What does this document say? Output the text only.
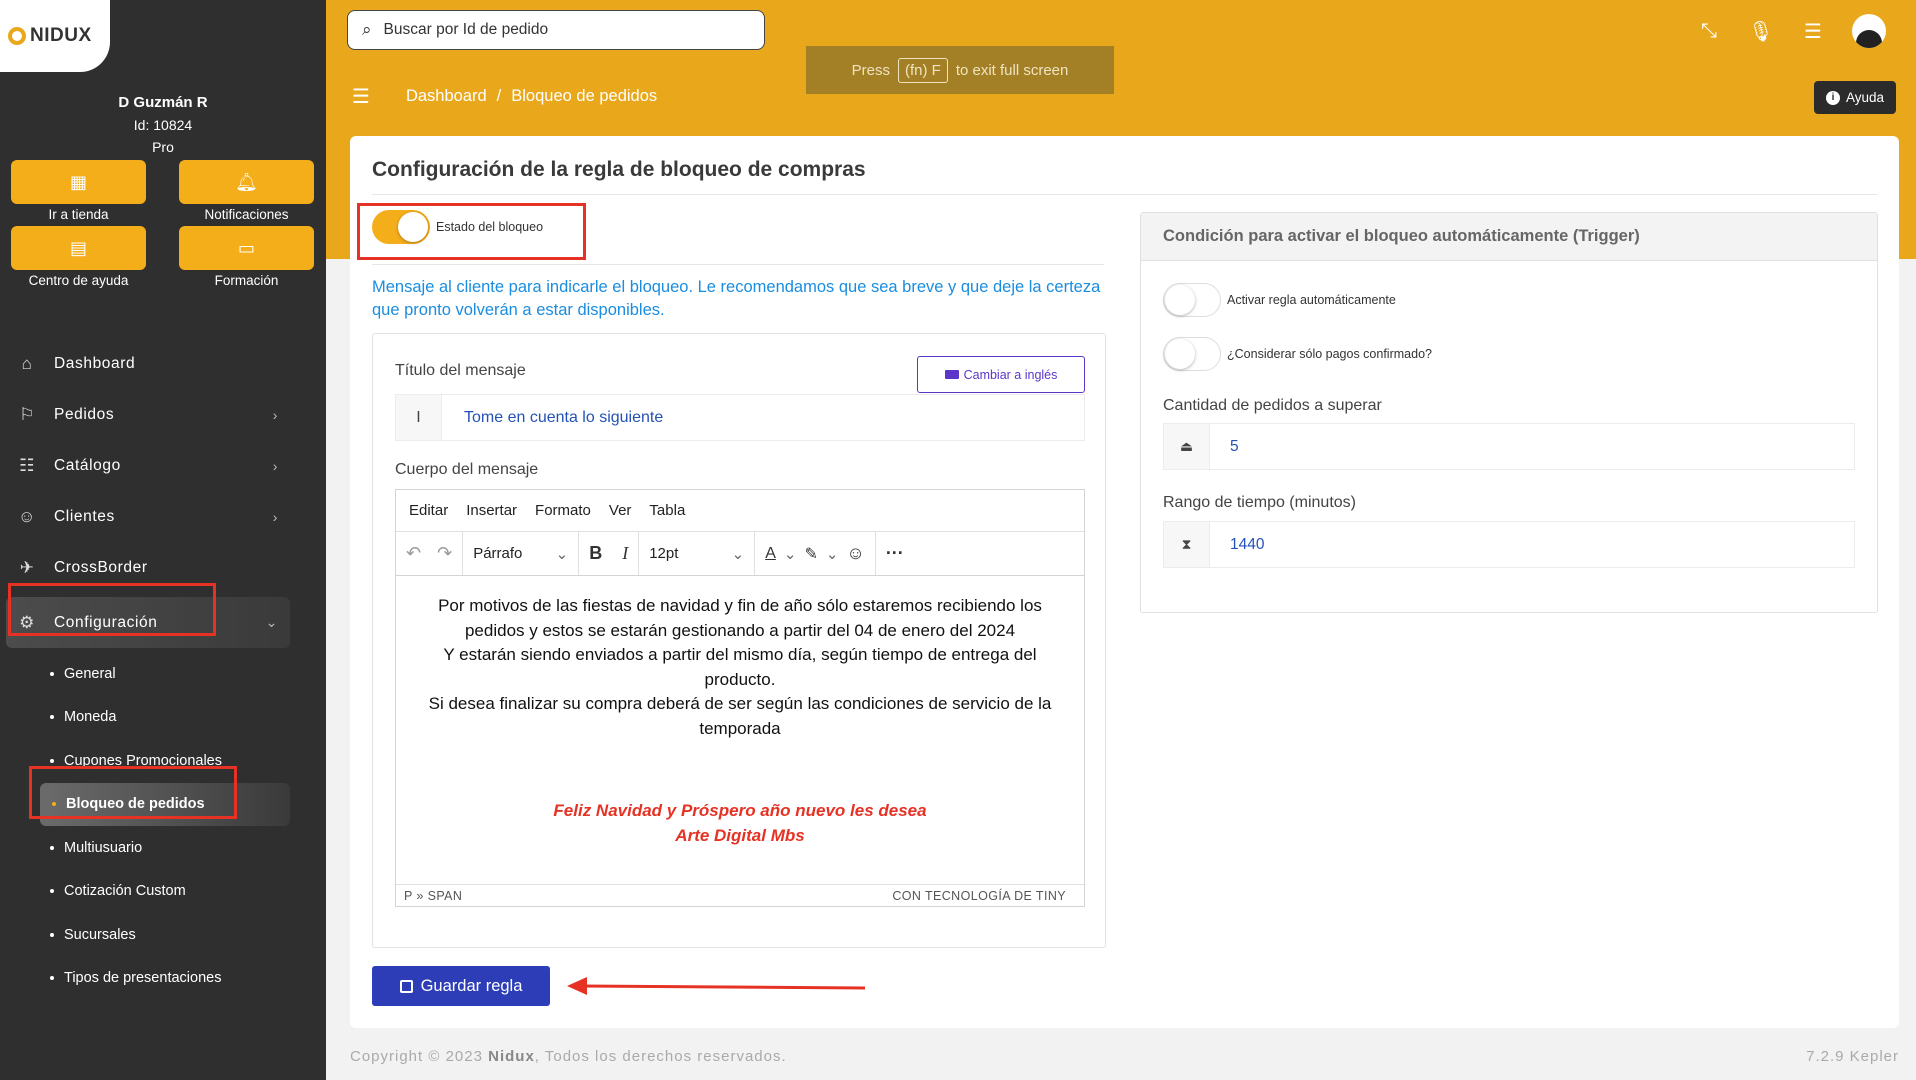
NIDUX
D Guzmán R
Id: 10824
Pro
▦
Ir a tienda
🔔︎
Notificaciones
▤
Centro de ayuda
▭
Formación
⌂	Dashboard
⚐ Pedidos	›
☷ Catálogo	›
☺ Clientes	›
✈ CrossBorder
⚙ Configuración	⌄
General
Moneda
Cupones Promocionales
Bloqueo de pedidos
Multiusuario
Cotización Custom
Sucursales
Tipos de presentaciones
⌕
Buscar por Id de pedido
Press	(fn) F	to exit full screen
⤡ 🎙︎ ☰
☰ Dashboard / Bloqueo de pedidos	i Ayuda
Configuración de la regla de bloqueo de compras
Estado del bloqueo

Mensaje al cliente para indicarle el bloqueo. Le recomendamos que sea breve y que deje la certeza que pronto volverán a estar disponibles.

Título del mensaje	Cambiar a inglés
I
Tome en cuenta lo siguiente
Cuerpo del mensaje
Editar Insertar Formato Ver Tabla
↶ ↷ Párrafo ⌄ B I 12pt	⌄ A ⌄ ✎ ⌄ ☺ ···
Por motivos de las fiestas de navidad y fin de año sólo estaremos recibiendo los pedidos y estos se estarán gestionando a partir del 04 de enero del 2024
Y estarán siendo enviados a partir del mismo día, según tiempo de entrega del producto.
Si desea finalizar su compra deberá de ser según las condiciones de servicio de la temporada
Feliz Navidad y Próspero año nuevo les desea
Arte Digital Mbs
P » SPAN	CON TECNOLOGÍA DE TINY
Guardar regla
Condición para activar el bloqueo automáticamente (Trigger)
Activar regla automáticamente
¿Considerar sólo pagos confirmado?
Cantidad de pedidos a superar
⏏
5
Rango de tiempo (minutos)
⧗
1440
Copyright © 2023 Nidux, Todos los derechos reservados.	7.2.9 Kepler
